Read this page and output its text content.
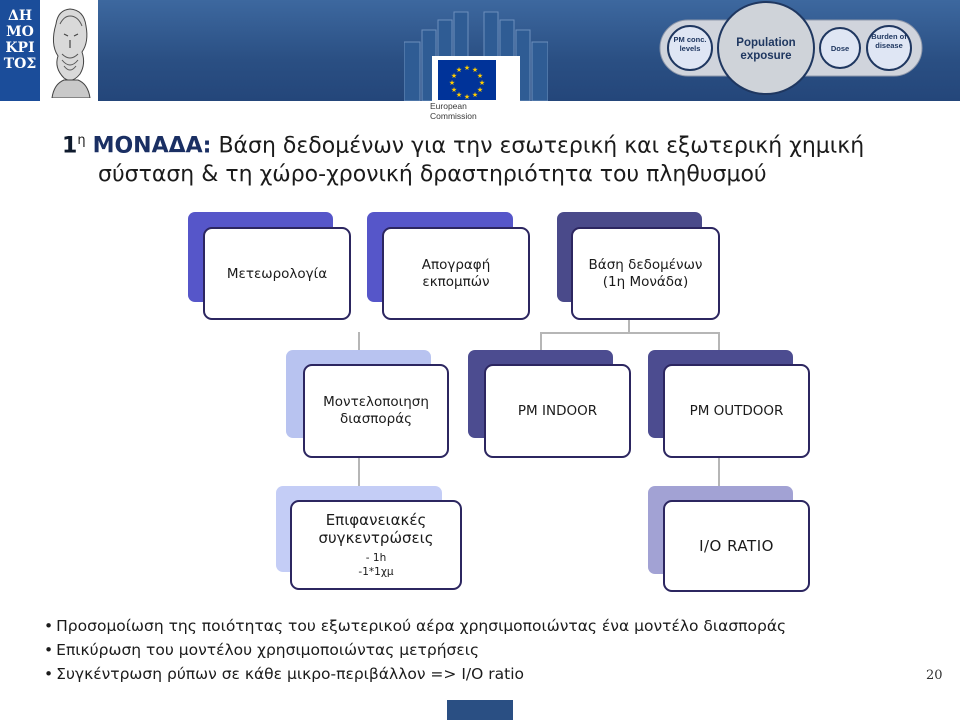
ΔΗ
ΜΟ
ΚΡΙ
ΤΟΣ	★ ★
★
★
★
★
★
★
★
★
★
★
PM conc. levels	Population exposure
Dose
Burden of disease
European
Commission
$1^\eta$ ΜΟΝΑΔΑ: Βάση δεδομένων για την εσωτερική και εξωτερική χημική
σύσταση & τη χώρο-χρονική δραστηριότητα του πληθυσμού
Μετεωρολογία
Απογραφή εκπομπών
Βάση δεδομένων (1η Μονάδα)
Μοντελοποιηση διασποράς	PM INDOOR	PM OUTDOOR
Επιφανειακές συγκεντρώσεις
- 1h
-1*1χμ
I/O RATIO
• Προσομοίωση της ποιότητας του εξωτερικού αέρα χρησιμοποιώντας ένα μοντέλο διασποράς
• Επικύρωση του μοντέλου χρησιμοποιώντας μετρήσεις
• Συγκέντρωση ρύπων σε κάθε μικρο-περιβάλλον => I/O ratio	20
